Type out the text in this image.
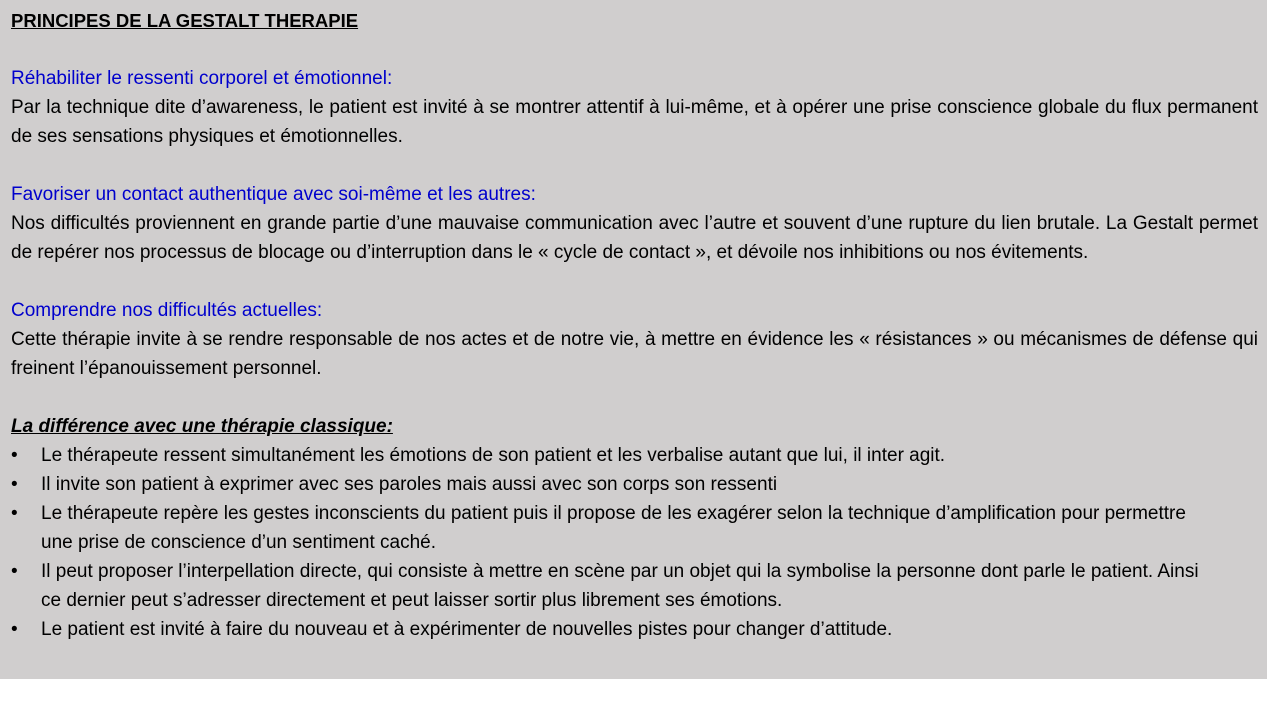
PRINCIPES DE LA GESTALT THERAPIE
Réhabiliter le ressenti corporel et émotionnel:
Par la technique dite d’awareness, le patient est invité à se montrer attentif à lui-même, et à opérer une prise conscience globale du flux permanent de ses sensations physiques et émotionnelles.
Favoriser un contact authentique avec soi-même et les autres:
Nos difficultés proviennent en grande partie d’une mauvaise communication avec l’autre et souvent d’une rupture du lien brutale. La Gestalt permet de repérer nos processus de blocage ou d’interruption dans le « cycle de contact », et dévoile nos inhibitions ou nos évitements.
Comprendre nos difficultés actuelles:
Cette thérapie invite à se rendre responsable de nos actes et de notre vie, à mettre en évidence les « résistances » ou mécanismes de défense qui freinent l’épanouissement personnel.
La différence avec une thérapie classique:
• Le thérapeute ressent simultanément les émotions de son patient et les verbalise autant que lui, il inter agit.
• Il invite son patient à exprimer avec ses paroles mais aussi avec son corps son ressenti
• Le thérapeute repère les gestes inconscients du patient puis il propose de les exagérer selon la technique d’amplification pour permettre une prise de conscience d’un sentiment caché.
• Il peut proposer l’interpellation directe, qui consiste à mettre en scène par un objet qui la symbolise la personne dont parle le patient. Ainsi ce dernier peut s’adresser directement et peut laisser sortir plus librement ses émotions.
• Le patient est invité à faire du nouveau et à expérimenter de nouvelles pistes pour changer d’attitude.
